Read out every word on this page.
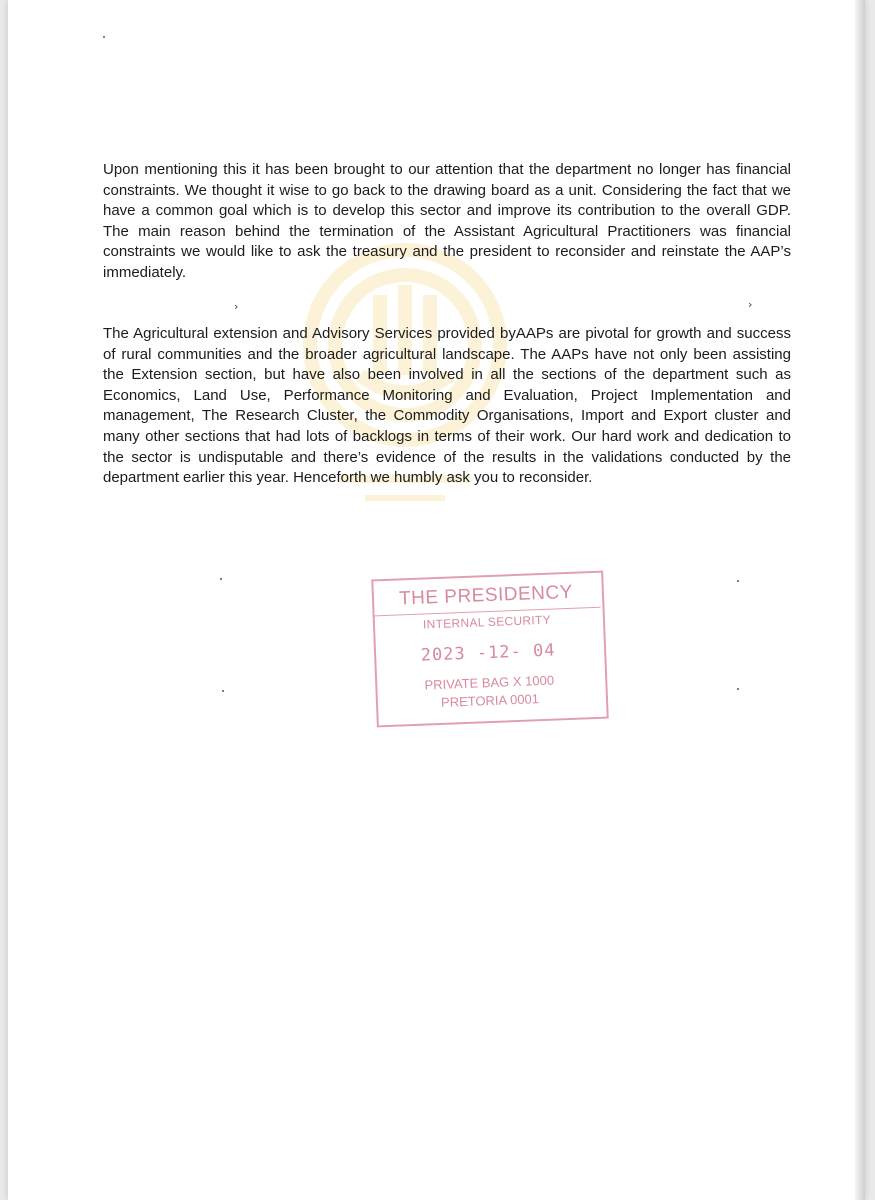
Upon mentioning this it has been brought to our attention that the department no longer has financial constraints. We thought it wise to go back to the drawing board as a unit. Considering the fact that we have a common goal which is to develop this sector and improve its contribution to the overall GDP. The main reason behind the termination of the Assistant Agricultural Practitioners was financial constraints we would like to ask the treasury and the president to reconsider and reinstate the AAP’s immediately.

The Agricultural extension and Advisory Services provided byAAPs are pivotal for growth and success of rural communities and the broader agricultural landscape. The AAPs have not only been assisting the Extension section, but have also been involved in all the sections of the department such as Economics, Land Use, Performance Monitoring and Evaluation, Project Implementation and management, The Research Cluster, the Commodity Organisations, Import and Export cluster and many other sections that had lots of backlogs in terms of their work. Our hard work and dedication to the sector is undisputable and there’s evidence of the results in the validations conducted by the department earlier this year. Henceforth we humbly ask you to reconsider.

›	›
THE PRESIDENCY
INTERNAL SECURITY
2023 -12- 04
PRIVATE BAG X 1000
PRETORIA 0001
